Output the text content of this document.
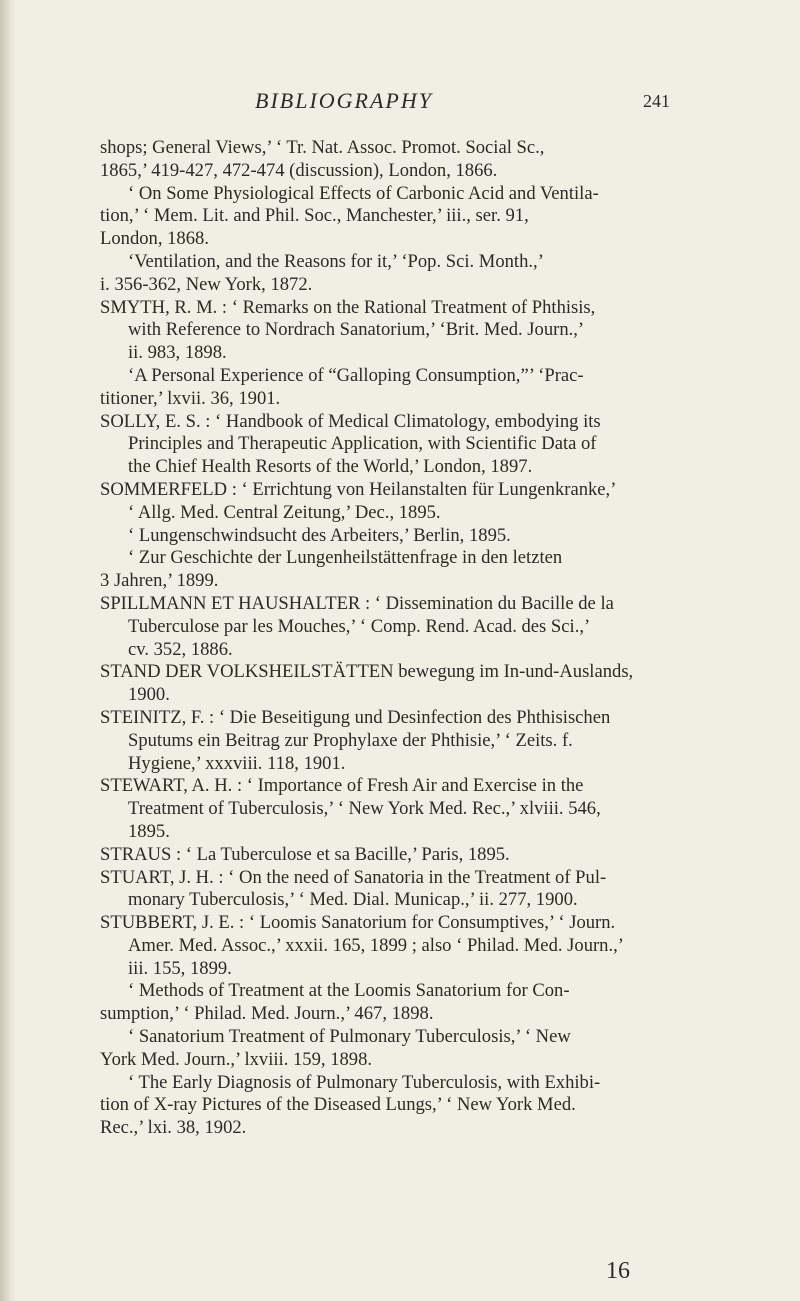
BIBLIOGRAPHY	241

shops; General Views,’ ‘ Tr. Nat. Assoc. Promot. Social Sc.,
1865,’ 419-427, 472-474 (discussion), London, 1866.

‘ On Some Physiological Effects of Carbonic Acid and Ventila-
tion,’ ‘ Mem. Lit. and Phil. Soc., Manchester,’ iii., ser. 91,
London, 1868.

‘Ventilation, and the Reasons for it,’ ‘Pop. Sci. Month.,’
i. 356-362, New York, 1872.

SMYTH, R. M. : ‘ Remarks on the Rational Treatment of Phthisis,
with Reference to Nordrach Sanatorium,’ ‘Brit. Med. Journ.,’
ii. 983, 1898.

‘A Personal Experience of “Galloping Consumption,”’ ‘Prac-
titioner,’ lxvii. 36, 1901.

SOLLY, E. S. : ‘ Handbook of Medical Climatology, embodying its
Principles and Therapeutic Application, with Scientific Data of
the Chief Health Resorts of the World,’ London, 1897.

SOMMERFELD : ‘ Errichtung von Heilanstalten für Lungenkranke,’
‘ Allg. Med. Central Zeitung,’ Dec., 1895.

‘ Lungenschwindsucht des Arbeiters,’ Berlin, 1895.

‘ Zur Geschichte der Lungenheilstättenfrage in den letzten
3 Jahren,’ 1899.

SPILLMANN ET HAUSHALTER : ‘ Dissemination du Bacille de la
Tuberculose par les Mouches,’ ‘ Comp. Rend. Acad. des Sci.,’
cv. 352, 1886.

STAND DER VOLKSHEILSTÄTTEN bewegung im In-und-Auslands,
1900.

STEINITZ, F. : ‘ Die Beseitigung und Desinfection des Phthisischen
Sputums ein Beitrag zur Prophylaxe der Phthisie,’ ‘ Zeits. f.
Hygiene,’ xxxviii. 118, 1901.

STEWART, A. H. : ‘ Importance of Fresh Air and Exercise in the
Treatment of Tuberculosis,’ ‘ New York Med. Rec.,’ xlviii. 546,
1895.

STRAUS : ‘ La Tuberculose et sa Bacille,’ Paris, 1895.

STUART, J. H. : ‘ On the need of Sanatoria in the Treatment of Pul-
monary Tuberculosis,’ ‘ Med. Dial. Municap.,’ ii. 277, 1900.

STUBBERT, J. E. : ‘ Loomis Sanatorium for Consumptives,’ ‘ Journ.
Amer. Med. Assoc.,’ xxxii. 165, 1899 ; also ‘ Philad. Med. Journ.,’
iii. 155, 1899.

‘ Methods of Treatment at the Loomis Sanatorium for Con-
sumption,’ ‘ Philad. Med. Journ.,’ 467, 1898.

‘ Sanatorium Treatment of Pulmonary Tuberculosis,’ ‘ New
York Med. Journ.,’ lxviii. 159, 1898.

‘ The Early Diagnosis of Pulmonary Tuberculosis, with Exhibi-
tion of X-ray Pictures of the Diseased Lungs,’ ‘ New York Med.
Rec.,’ lxi. 38, 1902.

16
